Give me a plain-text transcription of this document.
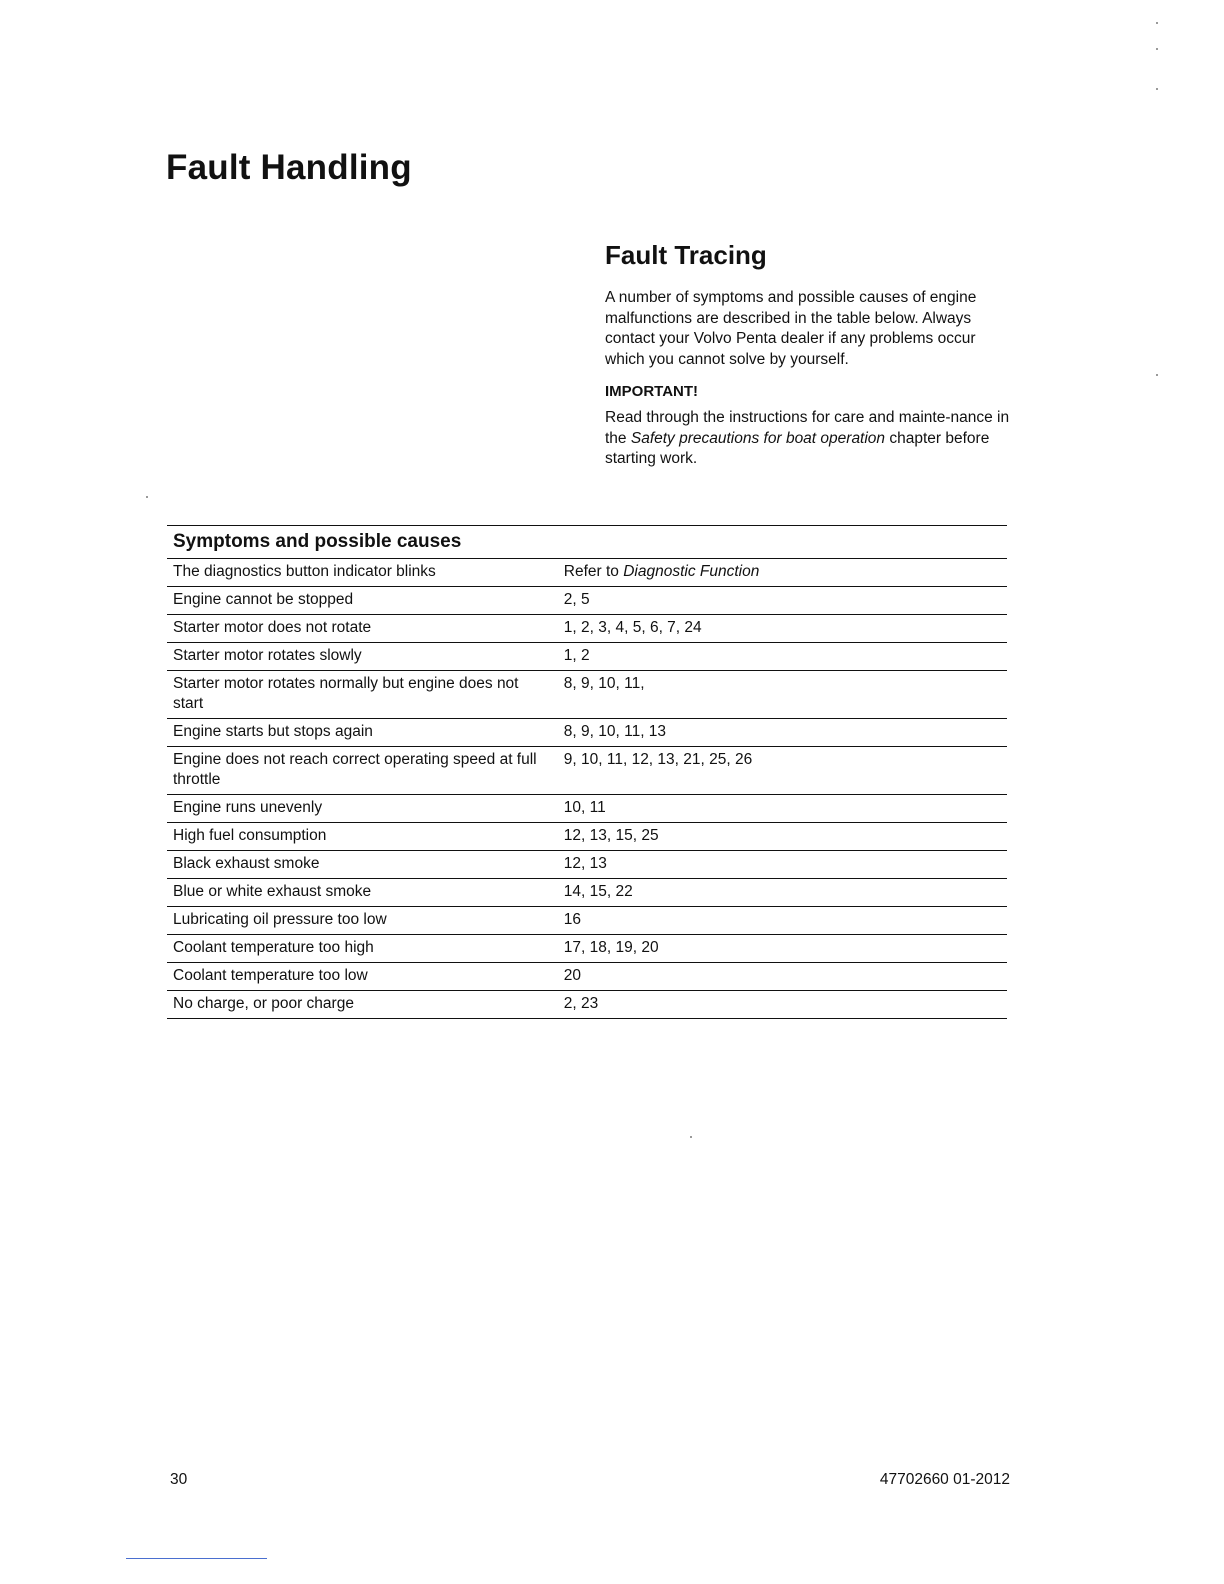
Fault Handling
Fault Tracing

A number of symptoms and possible causes of engine malfunctions are described in the table below. Always contact your Volvo Penta dealer if any problems occur which you cannot solve by yourself.

IMPORTANT!

Read through the instructions for care and mainte-nance in the Safety precautions for boat operation chapter before starting work.

Symptoms and possible causes	
The diagnostics button indicator blinks	Refer to Diagnostic Function
Engine cannot be stopped	2, 5
Starter motor does not rotate	1, 2, 3, 4, 5, 6, 7, 24
Starter motor rotates slowly	1, 2
Starter motor rotates normally but engine does not start	8, 9, 10, 11,
Engine starts but stops again	8, 9, 10, 11, 13
Engine does not reach correct operating speed at full throttle	9, 10, 11, 12, 13, 21, 25, 26
Engine runs unevenly	10, 11
High fuel consumption	12, 13, 15, 25
Black exhaust smoke	12, 13
Blue or white exhaust smoke	14, 15, 22
Lubricating oil pressure too low	16
Coolant temperature too high	17, 18, 19, 20
Coolant temperature too low	20
No charge, or poor charge	2, 23
30	47702660 01-2012
